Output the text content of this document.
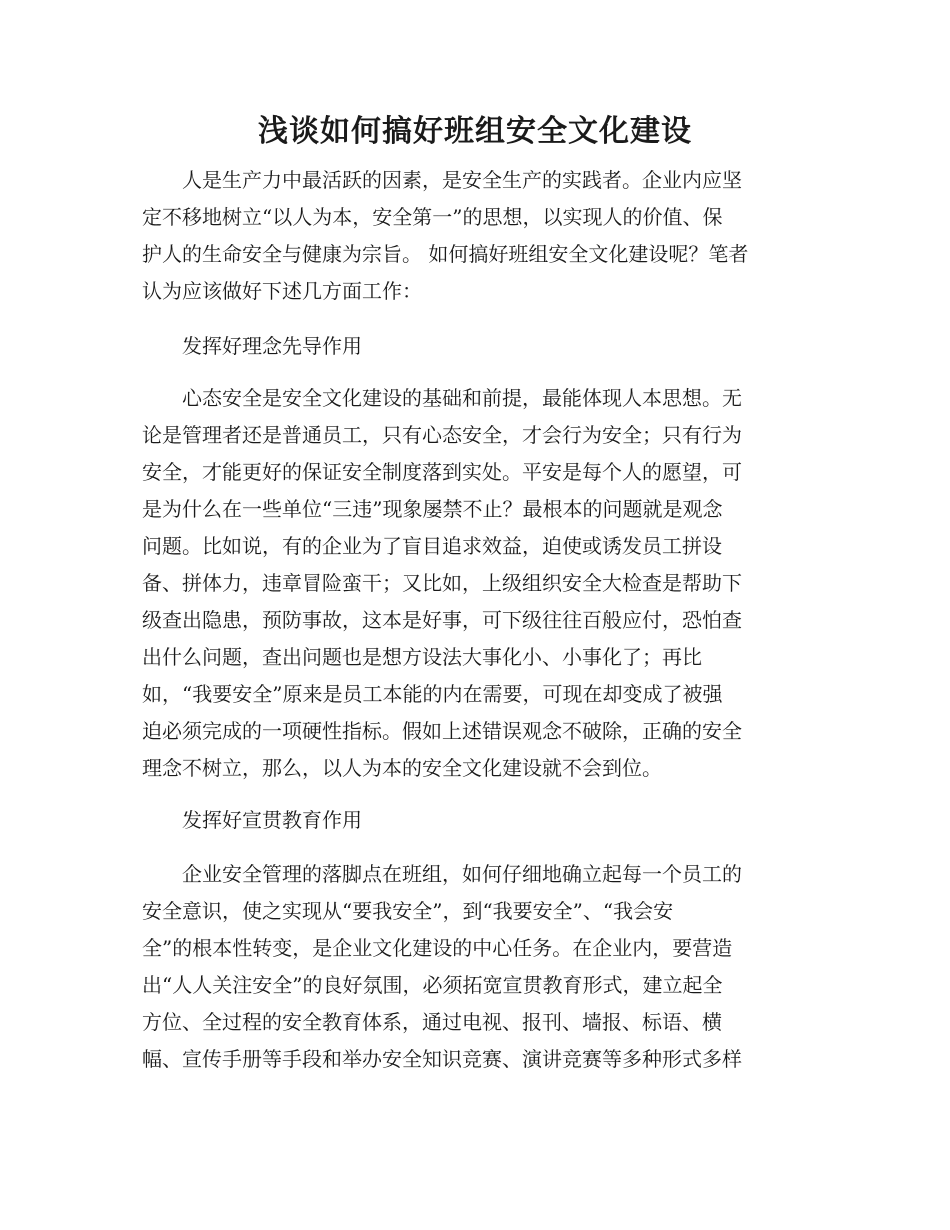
浅谈如何搞好班组安全文化建设
　　人是生产力中最活跃的因素，是安全生产的实践者。企业内应坚
定不移地树立“以人为本，安全第一”的思想，以实现人的价值、保
护人的生命安全与健康为宗旨。 如何搞好班组安全文化建设呢？笔者
认为应该做好下述几方面工作：
　　发挥好理念先导作用
　　心态安全是安全文化建设的基础和前提，最能体现人本思想。无
论是管理者还是普通员工，只有心态安全，才会行为安全；只有行为
安全，才能更好的保证安全制度落到实处。平安是每个人的愿望，可
是为什么在一些单位“三违”现象屡禁不止？最根本的问题就是观念
问题。比如说，有的企业为了盲目追求效益，迫使或诱发员工拼设
备、拼体力，违章冒险蛮干；又比如，上级组织安全大检查是帮助下
级查出隐患，预防事故，这本是好事，可下级往往百般应付，恐怕查
出什么问题，查出问题也是想方设法大事化小、小事化了；再比
如，“我要安全”原来是员工本能的内在需要，可现在却变成了被强
迫必须完成的一项硬性指标。假如上述错误观念不破除，正确的安全
理念不树立，那么，以人为本的安全文化建设就不会到位。
　　发挥好宣贯教育作用
　　企业安全管理的落脚点在班组，如何仔细地确立起每一个员工的
安全意识，使之实现从“要我安全”，到“我要安全”、“我会安
全”的根本性转变，是企业文化建设的中心任务。在企业内，要营造
出“人人关注安全”的良好氛围，必须拓宽宣贯教育形式，建立起全
方位、全过程的安全教育体系，通过电视、报刊、墙报、标语、横
幅、宣传手册等手段和举办安全知识竞赛、演讲竞赛等多种形式多样
